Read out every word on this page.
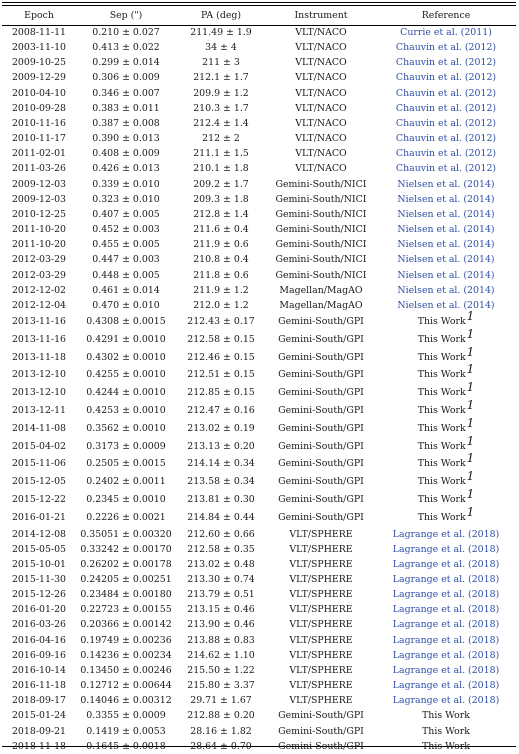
Epoch	Sep (")	PA (deg)	Instrument	Reference
2008-11-11	0.210 ± 0.027	211.49 ± 1.9	VLT/NACO	Currie et al. (2011)
2003-11-10	0.413 ± 0.022	34 ± 4	VLT/NACO	Chauvin et al. (2012)
2009-10-25	0.299 ± 0.014	211 ± 3	VLT/NACO	Chauvin et al. (2012)
2009-12-29	0.306 ± 0.009	212.1 ± 1.7	VLT/NACO	Chauvin et al. (2012)
2010-04-10	0.346 ± 0.007	209.9 ± 1.2	VLT/NACO	Chauvin et al. (2012)
2010-09-28	0.383 ± 0.011	210.3 ± 1.7	VLT/NACO	Chauvin et al. (2012)
2010-11-16	0.387 ± 0.008	212.4 ± 1.4	VLT/NACO	Chauvin et al. (2012)
2010-11-17	0.390 ± 0.013	212 ± 2	VLT/NACO	Chauvin et al. (2012)
2011-02-01	0.408 ± 0.009	211.1 ± 1.5	VLT/NACO	Chauvin et al. (2012)
2011-03-26	0.426 ± 0.013	210.1 ± 1.8	VLT/NACO	Chauvin et al. (2012)
2009-12-03	0.339 ± 0.010	209.2 ± 1.7	Gemini-South/NICI	Nielsen et al. (2014)
2009-12-03	0.323 ± 0.010	209.3 ± 1.8	Gemini-South/NICI	Nielsen et al. (2014)
2010-12-25	0.407 ± 0.005	212.8 ± 1.4	Gemini-South/NICI	Nielsen et al. (2014)
2011-10-20	0.452 ± 0.003	211.6 ± 0.4	Gemini-South/NICI	Nielsen et al. (2014)
2011-10-20	0.455 ± 0.005	211.9 ± 0.6	Gemini-South/NICI	Nielsen et al. (2014)
2012-03-29	0.447 ± 0.003	210.8 ± 0.4	Gemini-South/NICI	Nielsen et al. (2014)
2012-03-29	0.448 ± 0.005	211.8 ± 0.6	Gemini-South/NICI	Nielsen et al. (2014)
2012-12-02	0.461 ± 0.014	211.9 ± 1.2	Magellan/MagAO	Nielsen et al. (2014)
2012-12-04	0.470 ± 0.010	212.0 ± 1.2	Magellan/MagAO	Nielsen et al. (2014)
2013-11-16	0.4308 ± 0.0015	212.43 ± 0.17	Gemini-South/GPI	This Work$^1$
2013-11-16	0.4291 ± 0.0010	212.58 ± 0.15	Gemini-South/GPI	This Work$^1$
2013-11-18	0.4302 ± 0.0010	212.46 ± 0.15	Gemini-South/GPI	This Work$^1$
2013-12-10	0.4255 ± 0.0010	212.51 ± 0.15	Gemini-South/GPI	This Work$^1$
2013-12-10	0.4244 ± 0.0010	212.85 ± 0.15	Gemini-South/GPI	This Work$^1$
2013-12-11	0.4253 ± 0.0010	212.47 ± 0.16	Gemini-South/GPI	This Work$^1$
2014-11-08	0.3562 ± 0.0010	213.02 ± 0.19	Gemini-South/GPI	This Work$^1$
2015-04-02	0.3173 ± 0.0009	213.13 ± 0.20	Gemini-South/GPI	This Work$^1$
2015-11-06	0.2505 ± 0.0015	214.14 ± 0.34	Gemini-South/GPI	This Work$^1$
2015-12-05	0.2402 ± 0.0011	213.58 ± 0.34	Gemini-South/GPI	This Work$^1$
2015-12-22	0.2345 ± 0.0010	213.81 ± 0.30	Gemini-South/GPI	This Work$^1$
2016-01-21	0.2226 ± 0.0021	214.84 ± 0.44	Gemini-South/GPI	This Work$^1$
2014-12-08	0.35051 ± 0.00320	212.60 ± 0.66	VLT/SPHERE	Lagrange et al. (2018)
2015-05-05	0.33242 ± 0.00170	212.58 ± 0.35	VLT/SPHERE	Lagrange et al. (2018)
2015-10-01	0.26202 ± 0.00178	213.02 ± 0.48	VLT/SPHERE	Lagrange et al. (2018)
2015-11-30	0.24205 ± 0.00251	213.30 ± 0.74	VLT/SPHERE	Lagrange et al. (2018)
2015-12-26	0.23484 ± 0.00180	213.79 ± 0.51	VLT/SPHERE	Lagrange et al. (2018)
2016-01-20	0.22723 ± 0.00155	213.15 ± 0.46	VLT/SPHERE	Lagrange et al. (2018)
2016-03-26	0.20366 ± 0.00142	213.90 ± 0.46	VLT/SPHERE	Lagrange et al. (2018)
2016-04-16	0.19749 ± 0.00236	213.88 ± 0.83	VLT/SPHERE	Lagrange et al. (2018)
2016-09-16	0.14236 ± 0.00234	214.62 ± 1.10	VLT/SPHERE	Lagrange et al. (2018)
2016-10-14	0.13450 ± 0.00246	215.50 ± 1.22	VLT/SPHERE	Lagrange et al. (2018)
2016-11-18	0.12712 ± 0.00644	215.80 ± 3.37	VLT/SPHERE	Lagrange et al. (2018)
2018-09-17	0.14046 ± 0.00312	29.71 ± 1.67	VLT/SPHERE	Lagrange et al. (2018)
2015-01-24	0.3355 ± 0.0009	212.88 ± 0.20	Gemini-South/GPI	This Work
2018-09-21	0.1419 ± 0.0053	28.16 ± 1.82	Gemini-South/GPI	This Work
2018-11-18	0.1645 ± 0.0018	28.64 ± 0.70	Gemini-South/GPI	This Work
